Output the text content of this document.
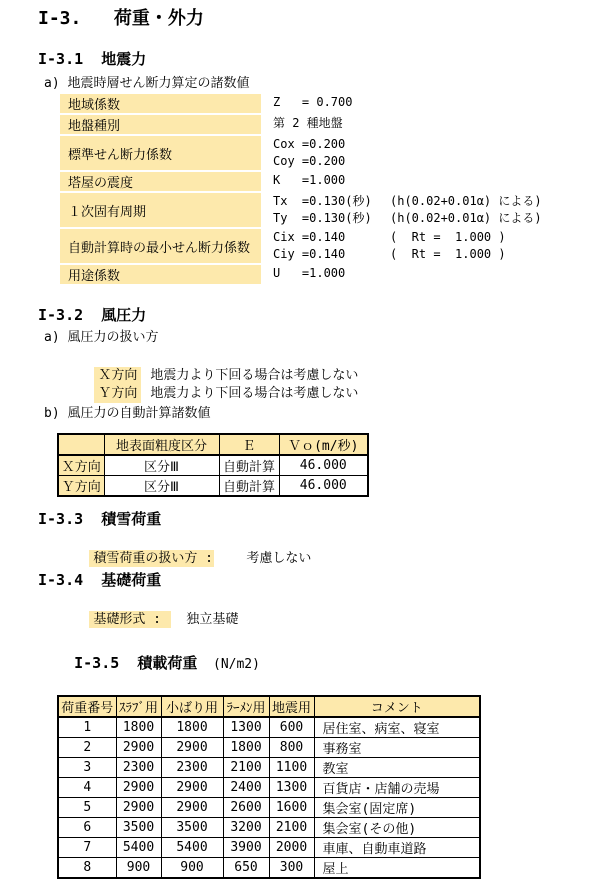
I-3.   荷重・外力
I-3.1  地震力
a) 地震時層せん断力算定の諸数値
地域係数	Z   = 0.700
地盤種別	第 2 種地盤
標準せん断力係数
Cox =0.200
Coy =0.200
塔屋の震度	K   =1.000
１次固有周期
Tx  =0.130(秒)	(h(0.02+0.01α) による)
Ty  =0.130(秒)	(h(0.02+0.01α) による)
自動計算時の最小せん断力係数
Cix =0.140	(  Rt =  1.000 )
Ciy =0.140	(  Rt =  1.000 )
用途係数	U   =1.000
I-3.2  風圧力
a) 風圧力の扱い方

Ｘ方向 地震力より下回る場合は考慮しない

Ｙ方向 地震力より下回る場合は考慮しない

b) 風圧力の自動計算諸数値
	地表面粗度区分	Ｅ	Ｖｏ(m/秒)
Ｘ方向	区分Ⅲ	自動計算	46.000
Ｙ方向	区分Ⅲ	自動計算	46.000
I-3.3  積雪荷重

積雪荷重の扱い方 :	考慮しない

I-3.4  基礎荷重

基礎形式 : 独立基礎

I-3.5  積載荷重 (N/m2)

荷重番号	ｽﾗﾌﾞ用	小ばり用	ﾗｰﾒﾝ用	地震用	コメント
1	1800	1800	1300	600	居住室、病室、寝室
2	2900	2900	1800	800	事務室
3	2300	2300	2100	1100	教室
4	2900	2900	2400	1300	百貨店・店舗の売場
5	2900	2900	2600	1600	集会室(固定席)
6	3500	3500	3200	2100	集会室(その他)
7	5400	5400	3900	2000	車庫、自動車道路
8	900	900	650	300	屋上
